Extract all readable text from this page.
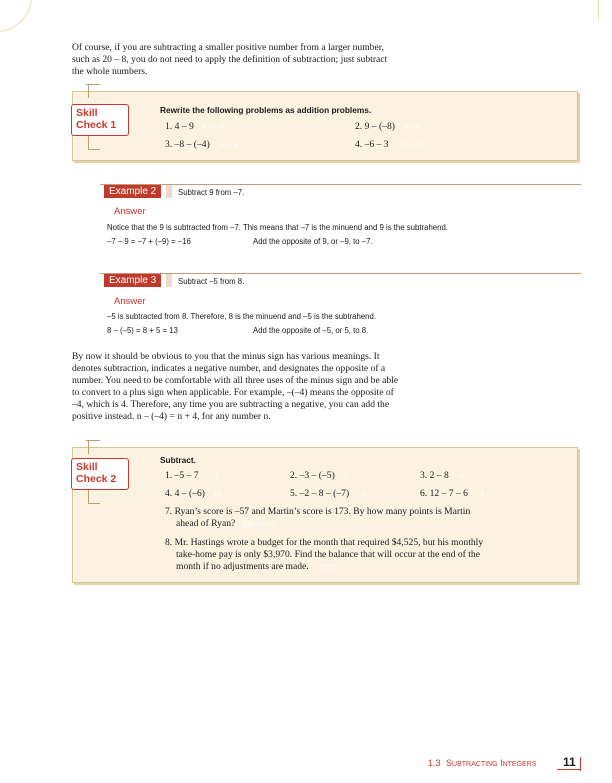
Of course, if you are subtracting a smaller positive number from a larger number,
such as 20 – 8, you do not need to apply the definition of subtraction; just subtract
the whole numbers.
Skill
Check 1
Rewrite the following problems as addition problems.
1. 4 – 9 4 + (–9)	2. 9 – (–8) 9 + 8
3. –8 – (–4) –8 + 4	4. –6 – 3 –6 + (–3)
Example 2	Subtract 9 from –7.
Answer
Notice that the 9 is subtracted from –7. This means that –7 is the minuend and 9 is the subtrahend.
–7 – 9 = –7 + (–9) = –16	Add the opposite of 9, or –9, to –7.
Example 3	Subtract –5 from 8.
Answer
–5 is subtracted from 8. Therefore, 8 is the minuend and –5 is the subtrahend.
8 – (–5) = 8 + 5 = 13	Add the opposite of –5, or 5, to 8.
By now it should be obvious to you that the minus sign has various meanings. It
denotes subtraction, indicates a negative number, and designates the opposite of a
number. You need to be comfortable with all three uses of the minus sign and be able
to convert to a plus sign when applicable. For example, –(–4) means the opposite of
–4, which is 4. Therefore, any time you are subtracting a negative, you can add the
positive instead. n – (–4) = n + 4, for any number n.
Skill
Check 2
Subtract.
1. –5 – 7 –12	2. –3 – (–5) 2	3. 2 – 8 –6
4. 4 – (–6) 10	5. –2 – 8 – (–7) –3	6. 12 – 7 – 6 –1
7. Ryan’s score is –57 and Martin’s score is 173. By how many points is Martin
ahead of Ryan? 230 points
8. Mr. Hastings wrote a budget for the month that required $4,525, but his monthly
take-home pay is only $3,970. Find the balance that will occur at the end of the
month if no adjustments are made. –$555
1.3 SUBTRACTING INTEGERS 11
